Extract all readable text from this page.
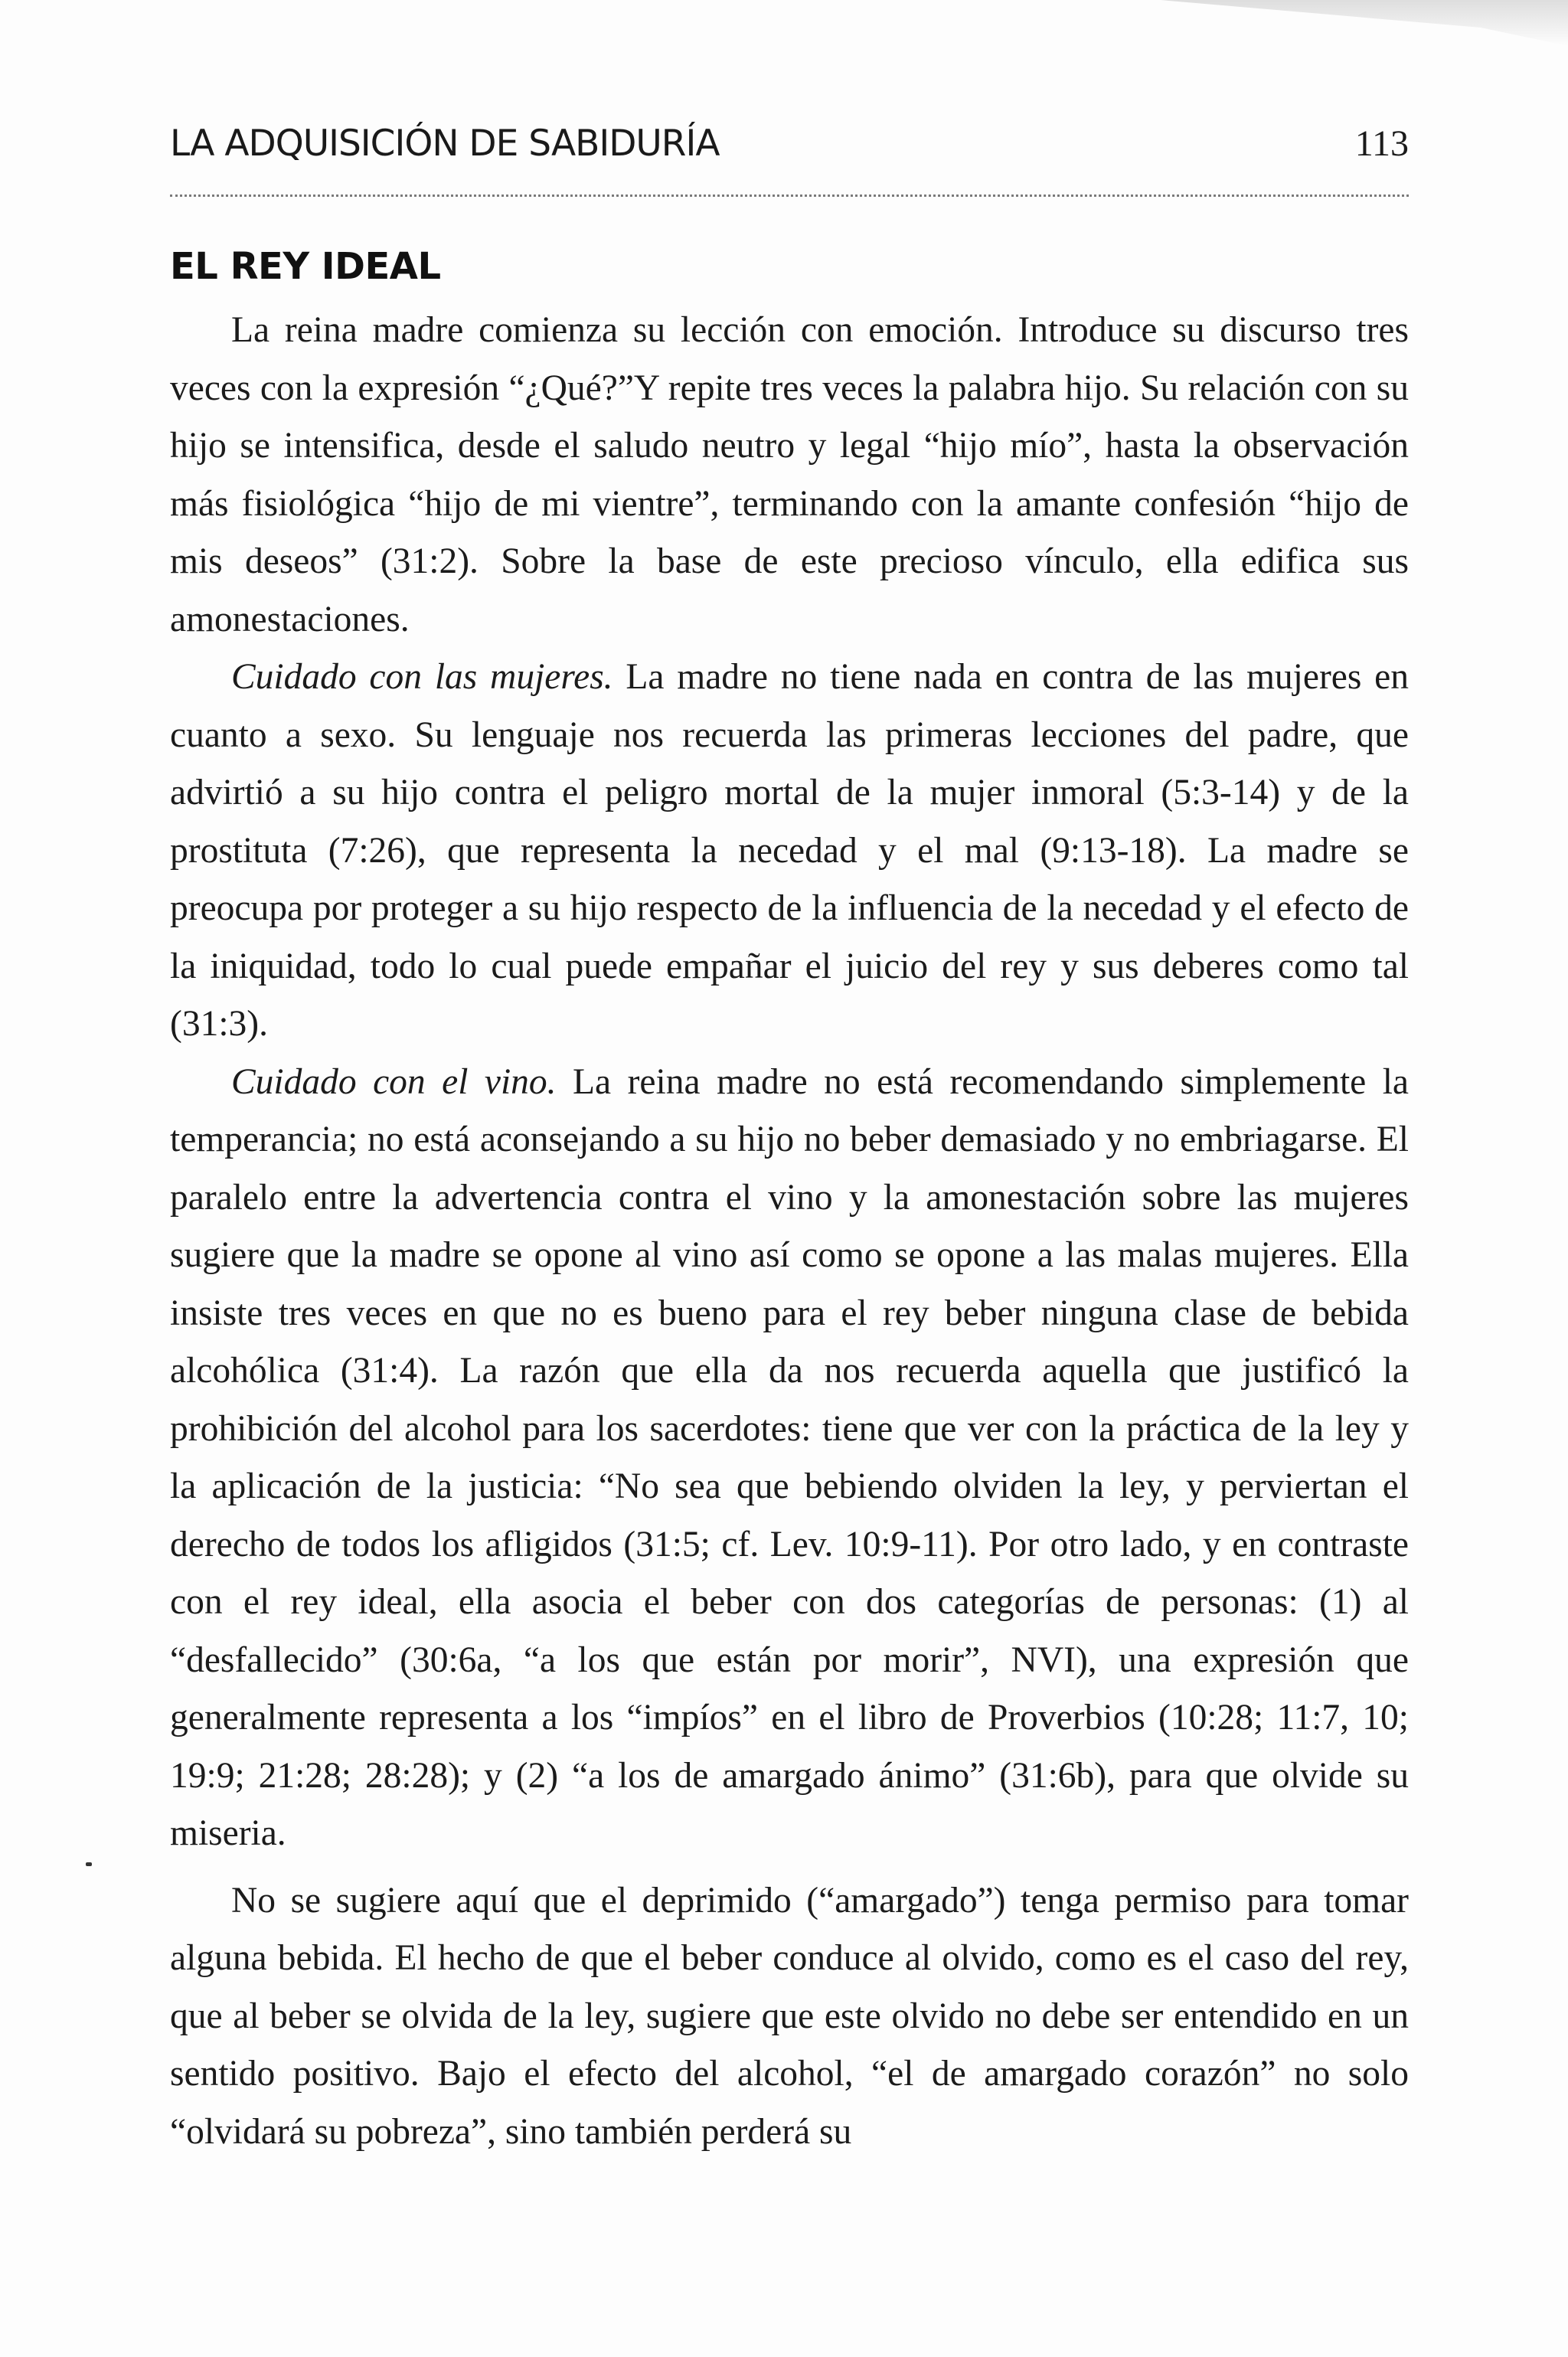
LA ADQUISICIÓN DE SABIDURÍA	113
EL REY IDEAL

La reina madre comienza su lección con emoción. Introduce su discurso tres veces con la expresión “¿Qué?”Y repite tres veces la palabra hijo. Su relación con su hijo se intensifica, desde el saludo neutro y legal “hijo mío”, hasta la observación más fisiológica “hijo de mi vientre”, terminando con la amante confesión “hijo de mis deseos” (31:2). Sobre la base de este precioso vínculo, ella edifica sus amonestaciones.

Cuidado con las mujeres. La madre no tiene nada en contra de las mujeres en cuanto a sexo. Su lenguaje nos recuerda las primeras lecciones del padre, que advirtió a su hijo contra el peligro mortal de la mujer inmoral (5:3-14) y de la prostituta (7:26), que representa la necedad y el mal (9:13-18). La madre se preocupa por proteger a su hijo respecto de la influencia de la necedad y el efecto de la iniquidad, todo lo cual puede empañar el juicio del rey y sus deberes como tal (31:3).

Cuidado con el vino. La reina madre no está recomendando simplemente la temperancia; no está aconsejando a su hijo no beber demasiado y no embriagarse. El paralelo entre la advertencia contra el vino y la amonestación sobre las mujeres sugiere que la madre se opone al vino así como se opone a las malas mujeres. Ella insiste tres veces en que no es bueno para el rey beber ninguna clase de bebida alcohólica (31:4). La razón que ella da nos recuerda aquella que justificó la prohibición del alcohol para los sacerdotes: tiene que ver con la práctica de la ley y la aplicación de la justicia: “No sea que bebiendo olviden la ley, y perviertan el derecho de todos los afligidos (31:5; cf. Lev. 10:9-11). Por otro lado, y en contraste con el rey ideal, ella asocia el beber con dos categorías de personas: (1) al “desfallecido” (30:6a, “a los que están por morir”, NVI), una expresión que generalmente representa a los “impíos” en el libro de Proverbios (10:28; 11:7, 10; 19:9; 21:28; 28:28); y (2) “a los de amargado ánimo” (31:6b), para que olvide su miseria.

No se sugiere aquí que el deprimido (“amargado”) tenga permiso para tomar alguna bebida. El hecho de que el beber conduce al olvido, como es el caso del rey, que al beber se olvida de la ley, sugiere que este olvido no debe ser entendido en un sentido positivo. Bajo el efecto del alcohol, “el de amargado corazón” no solo “olvidará su pobreza”, sino también perderá su
